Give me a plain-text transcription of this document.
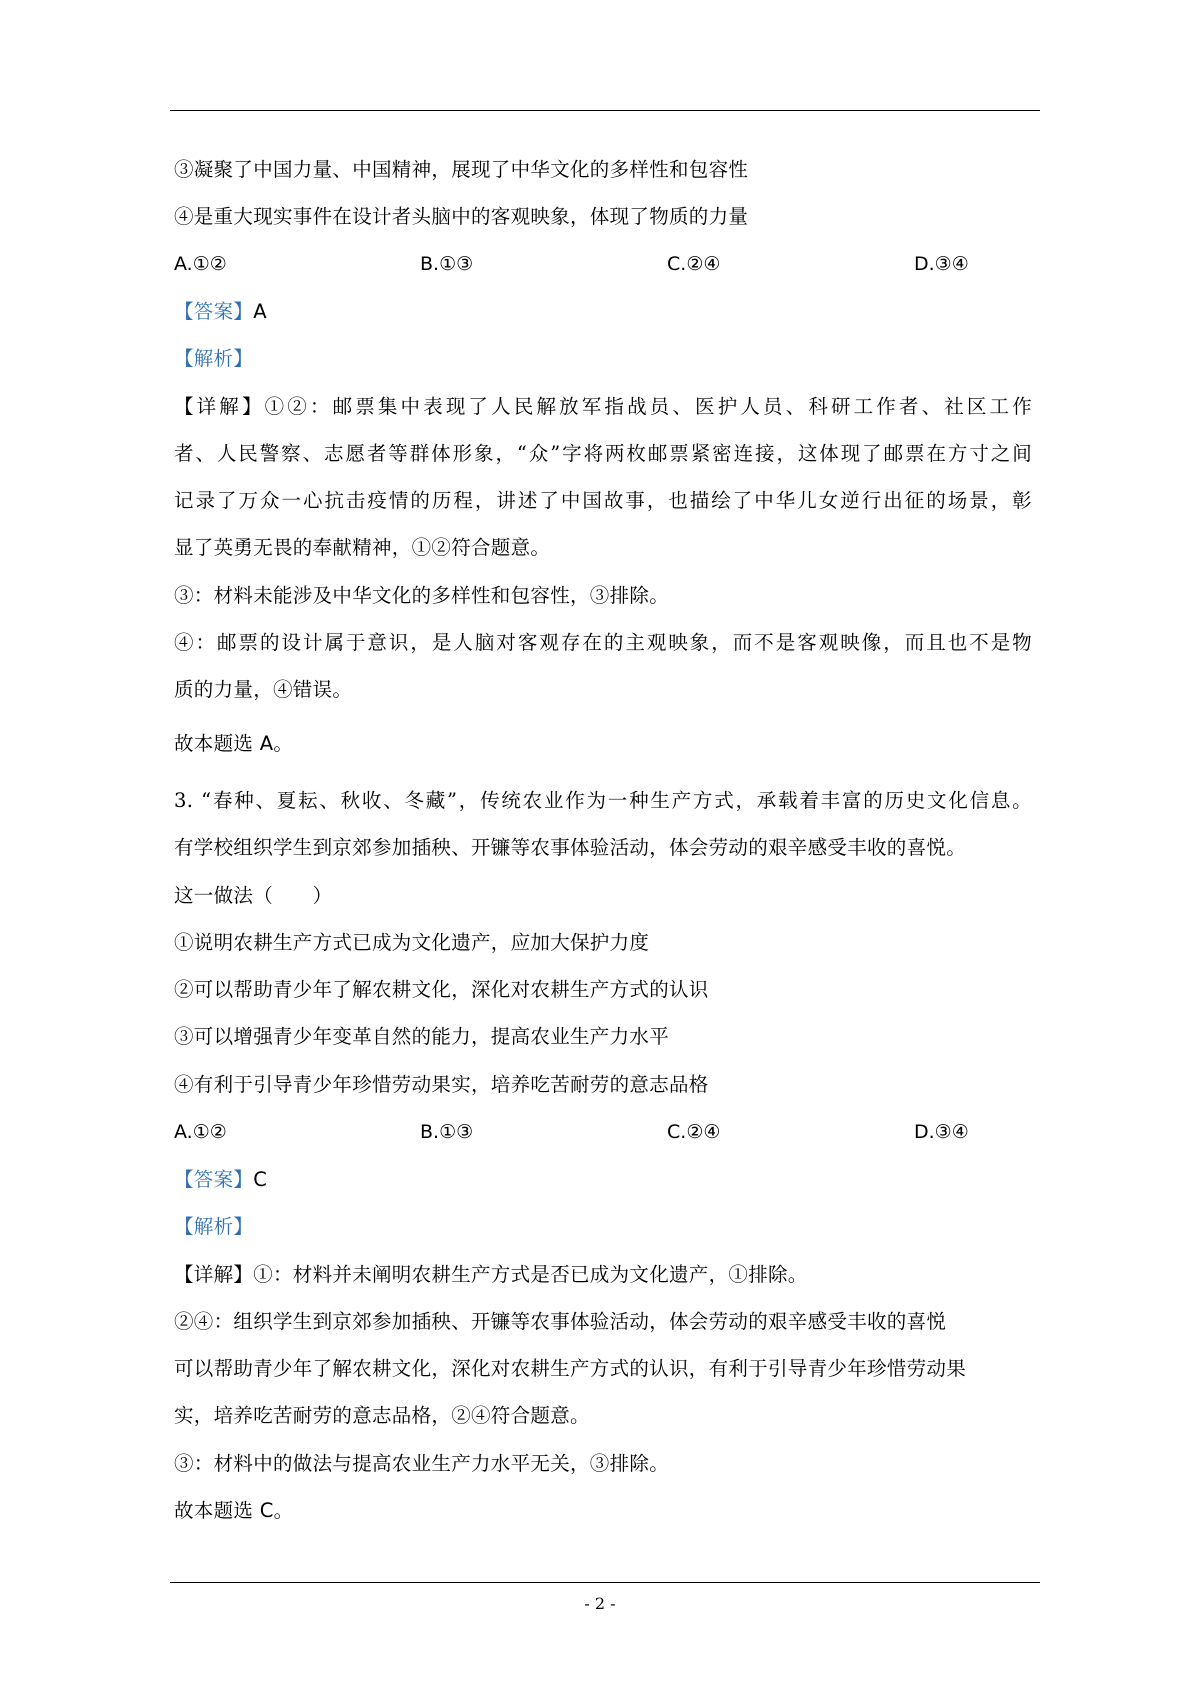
③凝聚了中国力量、中国精神，展现了中华文化的多样性和包容性
④是重大现实事件在设计者头脑中的客观映象，体现了物质的力量
A.①②	B.①③	C.②④	D.③④
【答案】A
【解析】
【详解】①②：邮票集中表现了人民解放军指战员、医护人员、科研工作者、社区工作
者、人民警察、志愿者等群体形象，“众”字将两枚邮票紧密连接，这体现了邮票在方寸之间
记录了万众一心抗击疫情的历程，讲述了中国故事，也描绘了中华儿女逆行出征的场景，彰
显了英勇无畏的奉献精神，①②符合题意。
③：材料未能涉及中华文化的多样性和包容性，③排除。
④：邮票的设计属于意识，是人脑对客观存在的主观映象，而不是客观映像，而且也不是物
质的力量，④错误。
故本题选 A。
3. “春种、夏耘、秋收、冬藏”，传统农业作为一种生产方式，承载着丰富的历史文化信息。
有学校组织学生到京郊参加插秧、开镰等农事体验活动，体会劳动的艰辛感受丰收的喜悦。
这一做法（　　）
①说明农耕生产方式已成为文化遗产，应加大保护力度
②可以帮助青少年了解农耕文化，深化对农耕生产方式的认识
③可以增强青少年变革自然的能力，提高农业生产力水平
④有利于引导青少年珍惜劳动果实，培养吃苦耐劳的意志品格
A.①②	B.①③	C.②④	D.③④
【答案】C
【解析】
【详解】①：材料并未阐明农耕生产方式是否已成为文化遗产，①排除。
②④：组织学生到京郊参加插秧、开镰等农事体验活动，体会劳动的艰辛感受丰收的喜悦
可以帮助青少年了解农耕文化，深化对农耕生产方式的认识，有利于引导青少年珍惜劳动果
实，培养吃苦耐劳的意志品格，②④符合题意。
③：材料中的做法与提高农业生产力水平无关，③排除。
故本题选 C。
- 2 -
